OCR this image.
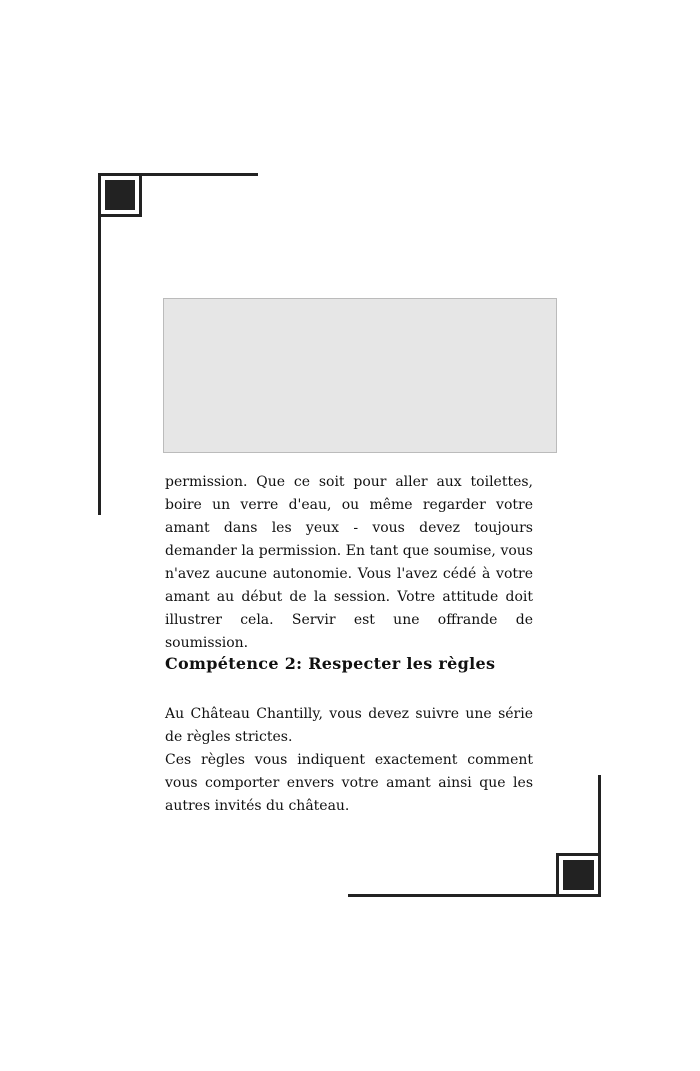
permission. Que ce soit pour aller aux toilettes, boire un verre d'eau, ou même regarder votre amant dans les yeux - vous devez toujours demander la permission. En tant que soumise, vous n'avez aucune autonomie. Vous l'avez cédé à votre amant au début de la session. Votre attitude doit illustrer cela. Servir est une offrande de soumission.

Compétence 2: Respecter les règles

Au Château Chantilly, vous devez suivre une série de règles strictes.

Ces règles vous indiquent exactement comment vous comporter envers votre amant ainsi que les autres invités du château.
